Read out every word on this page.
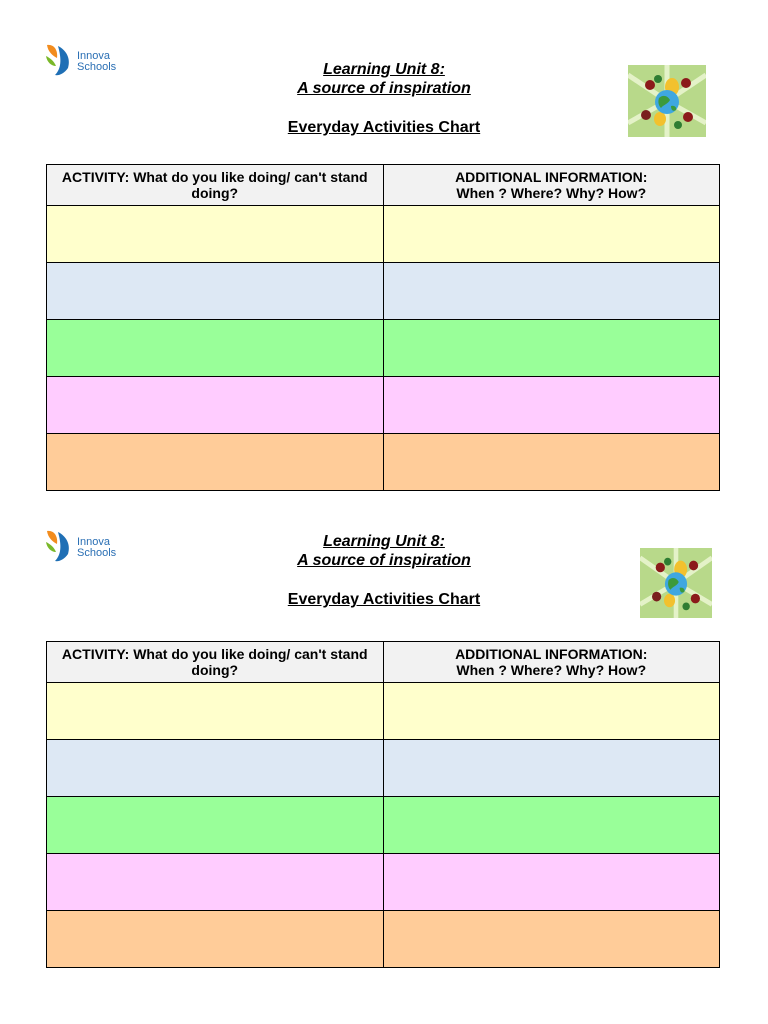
Innova
Schools	Learning Unit 8:
A source of inspiration
Everyday Activities Chart
ACTIVITY: What do you like doing/ can't stand doing?	ADDITIONAL INFORMATION:
When ? Where? Why? How?

Innova
Schools
Learning Unit 8:
A source of inspiration
Everyday Activities Chart
ACTIVITY: What do you like doing/ can't stand doing?	ADDITIONAL INFORMATION:
When ? Where? Why? How?
